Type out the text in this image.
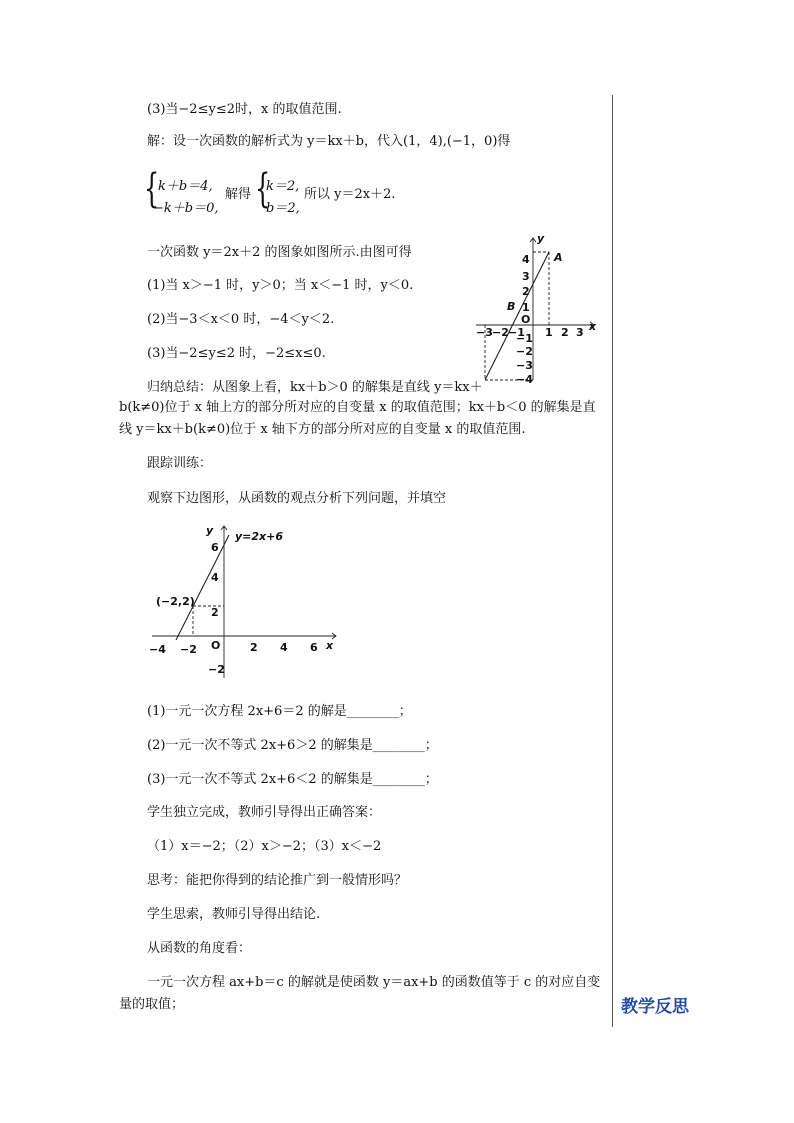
(3)当−2≤y≤2时，x 的取值范围.
解：设一次函数的解析式为 y＝kx＋b，代入(1，4),(−1，0)得
{
k＋b＝4,
−k＋b＝0,
解得 {
k＝2,
b＝2,
所以 y＝2x＋2.
一次函数 y＝2x＋2 的图象如图所示.由图可得
(1)当 x＞−1 时，y＞0；当 x＜−1 时，y＜0.
(2)当−3＜x＜0 时，−4＜y＜2.
(3)当−2≤y≤2 时，−2≤x≤0.
归纳总结：从图象上看，kx＋b＞0 的解集是直线 y＝kx＋
b(k≠0)位于 x 轴上方的部分所对应的自变量 x 的取值范围；kx＋b＜0 的解集是直
线 y＝kx＋b(k≠0)位于 x 轴下方的部分所对应的自变量 x 的取值范围.
跟踪训练：
观察下边图形，从函数的观点分析下列问题，并填空
y
x
A
B
O
−3 −2 −1 1 2 3
4
3
2
1
−1
−2
−3
−4
y
x
y=2x+6
(−2,2)
O
−4 −2	2 4 6
6
4
2
−2
(1)一元一次方程 2x+6＝2 的解是________；
(2)一元一次不等式 2x+6＞2 的解集是________；
(3)一元一次不等式 2x+6＜2 的解集是________；
学生独立完成，教师引导得出正确答案：
（1）x＝−2；（2）x＞−2；（3）x＜−2
思考：能把你得到的结论推广到一般情形吗？
学生思索，教师引导得出结论.
从函数的角度看：
一元一次方程 ax+b＝c 的解就是使函数 y＝ax+b 的函数值等于 c 的对应自变
量的取值；	教学反思
